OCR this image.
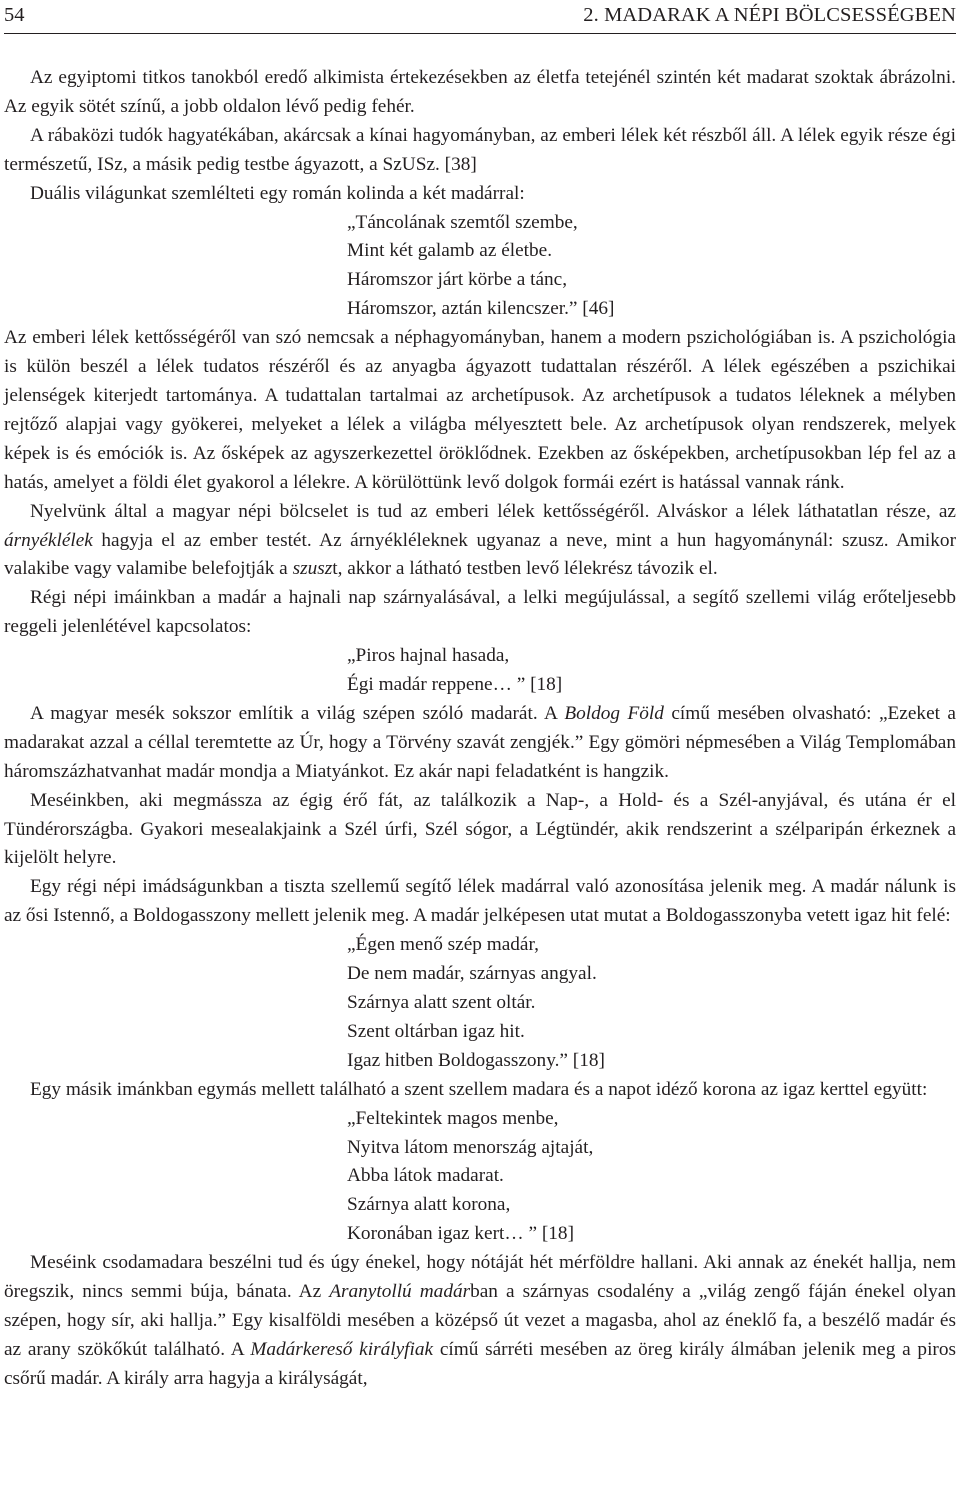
54	2. MADARAK A NÉPI BÖLCSESSÉGBEN

Az egyiptomi titkos tanokból eredő alkimista értekezésekben az életfa tetejénél szintén két madarat szoktak ábrázolni. Az egyik sötét színű, a jobb oldalon lévő pedig fehér.

A rábaközi tudók hagyatékában, akárcsak a kínai hagyományban, az emberi lélek két részből áll. A lélek egyik része égi természetű, ISz, a másik pedig testbe ágyazott, a SzUSz. [38]

Duális világunkat szemlélteti egy román kolinda a két madárral:

„Táncolának szemtől szembe,
Mint két galamb az életbe.
Háromszor járt körbe a tánc,
Háromszor, aztán kilencszer.” [46]

Az emberi lélek kettősségéről van szó nemcsak a néphagyományban, hanem a modern pszichológiában is. A pszichológia is külön beszél a lélek tudatos részéről és az anyagba ágyazott tudattalan részéről. A lélek egészében a pszichikai jelenségek kiterjedt tartománya. A tudattalan tartalmai az archetípusok. Az archetípusok a tudatos léleknek a mélyben rejtőző alapjai vagy gyökerei, melyeket a lélek a világba mélyesztett bele. Az archetípusok olyan rendszerek, melyek képek is és emóciók is. Az ősképek az agyszerkezettel öröklődnek. Ezekben az ősképekben, archetípusokban lép fel az a hatás, amelyet a földi élet gyakorol a lélekre. A körülöttünk levő dolgok formái ezért is hatással vannak ránk.

Nyelvünk által a magyar népi bölcselet is tud az emberi lélek kettősségéről. Alváskor a lélek láthatatlan része, az árnyéklélek hagyja el az ember testét. Az árnyékléleknek ugyanaz a neve, mint a hun hagyománynál: szusz. Amikor valakibe vagy valamibe belefojtják a szuszt, akkor a látható testben levő lélekrész távozik el.

Régi népi imáinkban a madár a hajnali nap szárnyalásával, a lelki megújulással, a segítő szellemi világ erőteljesebb reggeli jelenlétével kapcsolatos:

„Piros hajnal hasada,
Égi madár reppene… ” [18]

A magyar mesék sokszor említik a világ szépen szóló madarát. A Boldog Föld című mesében olvasható: „Ezeket a madarakat azzal a céllal teremtette az Úr, hogy a Törvény szavát zengjék.” Egy gömöri népmesében a Világ Templomában háromszázhatvanhat madár mondja a Miatyánkot. Ez akár napi feladatként is hangzik.

Meséinkben, aki megmássza az égig érő fát, az találkozik a Nap-, a Hold- és a Szél-anyjával, és utána ér el Tündérországba. Gyakori mesealakjaink a Szél úrfi, Szél sógor, a Légtündér, akik rendszerint a szélparipán érkeznek a kijelölt helyre.

Egy régi népi imádságunkban a tiszta szellemű segítő lélek madárral való azonosítása jelenik meg. A madár nálunk is az ősi Istennő, a Boldogasszony mellett jelenik meg. A madár jelképesen utat mutat a Boldogasszonyba vetett igaz hit felé:

„Égen menő szép madár,
De nem madár, szárnyas angyal.
Szárnya alatt szent oltár.
Szent oltárban igaz hit.
Igaz hitben Boldogasszony.” [18]

Egy másik imánkban egymás mellett található a szent szellem madara és a napot idéző korona az igaz kerttel együtt:

„Feltekintek magos menbe,
Nyitva látom menország ajtaját,
Abba látok madarat.
Szárnya alatt korona,
Koronában igaz kert… ” [18]

Meséink csodamadara beszélni tud és úgy énekel, hogy nótáját hét mérföldre hallani. Aki annak az énekét hallja, nem öregszik, nincs semmi búja, bánata. Az Aranytollú madárban a szárnyas csodalény a „világ zengő fáján énekel olyan szépen, hogy sír, aki hallja.” Egy kisalföldi mesében a középső út vezet a magasba, ahol az éneklő fa, a beszélő madár és az arany szökőkút található. A Madárkereső királyfiak című sárréti mesében az öreg király álmában jelenik meg a piros csőrű madár. A király arra hagyja a királyságát,
